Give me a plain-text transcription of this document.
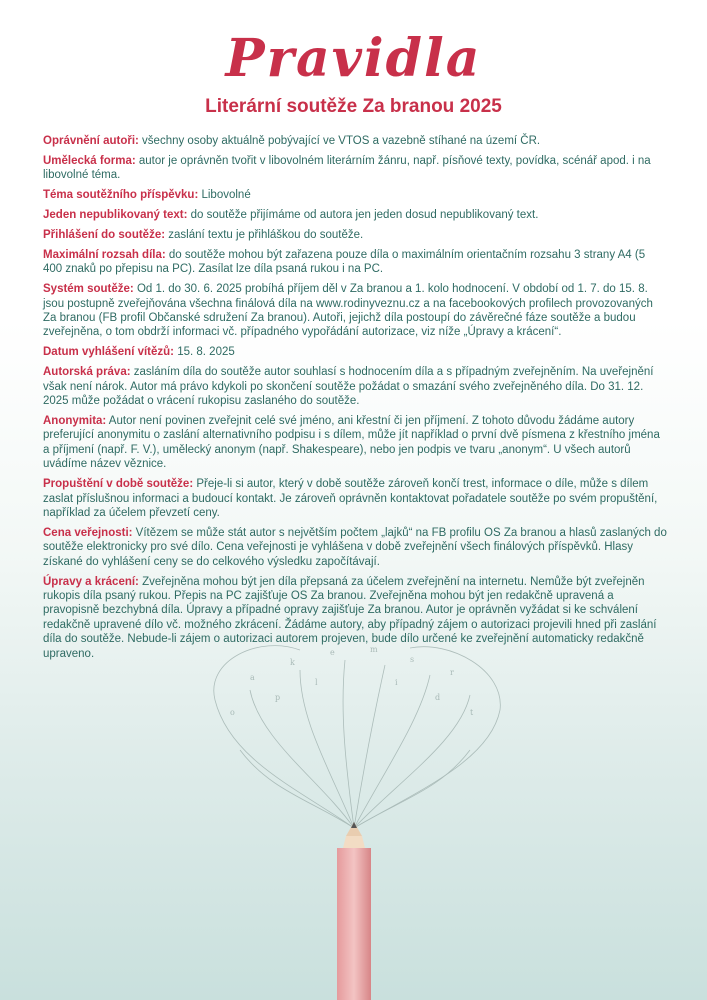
Pravidla
Literární soutěže Za branou 2025

Oprávnění autoři: všechny osoby aktuálně pobývající ve VTOS a vazebně stíhané na území ČR.

Umělecká forma: autor je oprávněn tvořit v libovolném literárním žánru, např. písňové texty, povídka, scénář apod. i na libovolné téma.

Téma soutěžního příspěvku: Libovolné

Jeden nepublikovaný text: do soutěže přijímáme od autora jen jeden dosud nepublikovaný text.

Přihlášení do soutěže: zaslání textu je přihláškou do soutěže.

Maximální rozsah díla: do soutěže mohou být zařazena pouze díla o maximálním orientačním rozsahu 3 strany A4 (5 400 znaků po přepisu na PC). Zasílat lze díla psaná rukou i na PC.

Systém soutěže: Od 1. do 30. 6. 2025 probíhá příjem děl v Za branou a 1. kolo hodnocení. V období od 1. 7. do 15. 8. jsou postupně zveřejňována všechna finálová díla na www.rodinyveznu.cz a na facebookových profilech provozovaných Za branou (FB profil Občanské sdružení Za branou). Autoři, jejichž díla postoupí do závěrečné fáze soutěže a budou zveřejněna, o tom obdrží informaci vč. případného vypořádání autorizace, viz níže „Úpravy a krácení“.

Datum vyhlášení vítězů: 15. 8. 2025

Autorská práva: zasláním díla do soutěže autor souhlasí s hodnocením díla a s případným zveřejněním. Na uveřejnění však není nárok. Autor má právo kdykoli po skončení soutěže požádat o smazání svého zveřejněného díla. Do 31. 12. 2025 může požádat o vrácení rukopisu zaslaného do soutěže.

Anonymita: Autor není povinen zveřejnit celé své jméno, ani křestní či jen příjmení. Z tohoto důvodu žádáme autory preferující anonymitu o zaslání alternativního podpisu i s dílem, může jít například o první dvě písmena z křestního jména a příjmení (např. F. V.), umělecký anonym (např. Shakespeare), nebo jen podpis ve tvaru „anonym“. U všech autorů uvádíme název věznice.

Propuštění v době soutěže: Přeje-li si autor, který v době soutěže zároveň končí trest, informace o díle, může s dílem zaslat příslušnou informaci a budoucí kontakt. Je zároveň oprávněn kontaktovat pořadatele soutěže po svém propuštění, například za účelem převzetí ceny.

Cena veřejnosti: Vítězem se může stát autor s největším počtem „lajků“ na FB profilu OS Za branou a hlasů zaslaných do soutěže elektronicky pro své dílo. Cena veřejnosti je vyhlášena v době zveřejnění všech finálových příspěvků. Hlasy získané do vyhlášení ceny se do celkového výsledku započítávají.

Úpravy a krácení: Zveřejněna mohou být jen díla přepsaná za účelem zveřejnění na internetu. Nemůže být zveřejněn rukopis díla psaný rukou. Přepis na PC zajišťuje OS Za branou. Zveřejněna mohou být jen redakčně upravená a pravopisně bezchybná díla. Úpravy a případné opravy zajišťuje Za branou. Autor je oprávněn vyžádat si ke schválení redakčně upravené dílo vč. možného zkrácení. Žádáme autory, aby případný zájem o autorizaci projevili hned při zaslání díla do soutěže. Nebude-li zájem o autorizaci autorem projeven, bude dílo určené ke zveřejnění automaticky redakčně upraveno.

a
k
e	m
s
r
o	t
p	d
l	i
